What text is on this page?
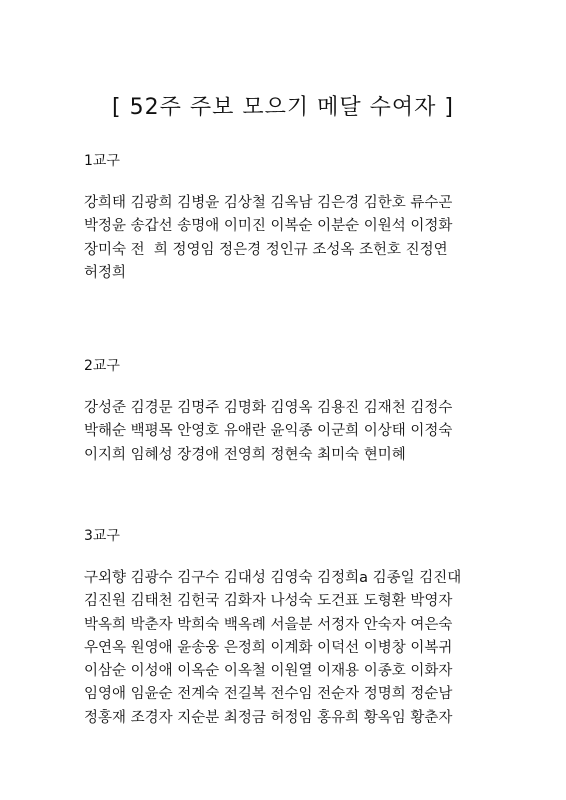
[ 52주 주보 모으기 메달 수여자 ]
1교구
강희태 김광희 김병윤 김상철 김옥남 김은경 김한호 류수곤
박정윤 송갑선 송명애 이미진 이복순 이분순 이원석 이정화
장미숙 전  희 정영임 정은경 정인규 조성옥 조헌호 진정연
허정희
2교구
강성준 김경문 김명주 김명화 김영옥 김용진 김재천 김정수
박해순 백평목 안영호 유애란 윤익종 이군희 이상태 이정숙
이지희 임혜성 장경애 전영희 정현숙 최미숙 현미혜
3교구
구외향 김광수 김구수 김대성 김영숙 김정희a 김종일 김진대
김진원 김태천 김헌국 김화자 나성숙 도건표 도형환 박영자
박옥희 박춘자 박희숙 백옥례 서을분 서정자 안숙자 여은숙
우연옥 원영애 윤송웅 은정희 이계화 이덕선 이병창 이복귀
이삼순 이성애 이옥순 이옥철 이원열 이재용 이종호 이화자
임영애 임윤순 전계숙 전길복 전수임 전순자 정명희 정순남
정홍재 조경자 지순분 최정금 허정임 홍유희 황옥임 황춘자
